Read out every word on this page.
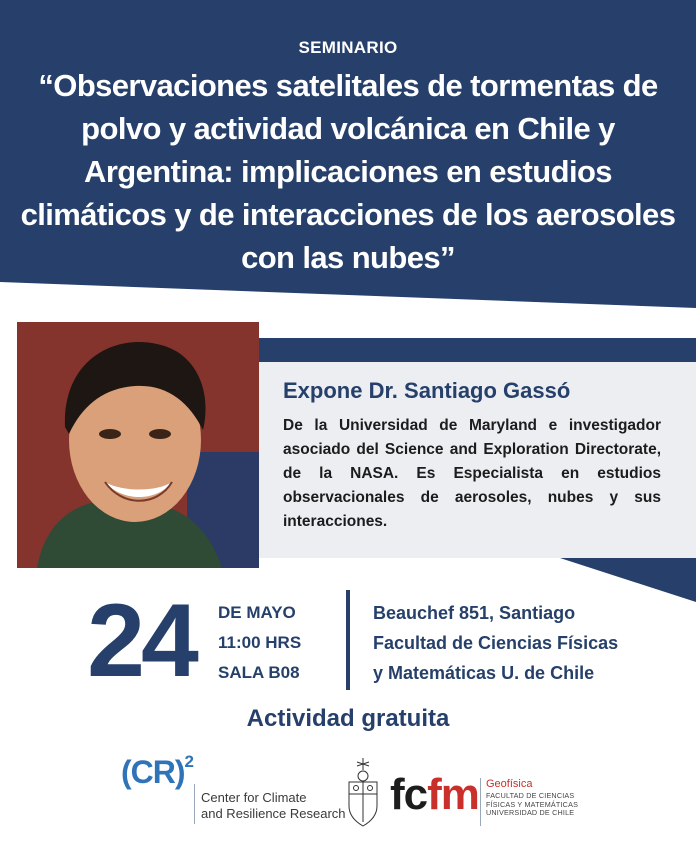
SEMINARIO
“Observaciones satelitales de tormentas de polvo y actividad volcánica en Chile y Argentina: implicaciones en estudios climáticos y de interacciones de los aerosoles con las nubes”
Expone Dr. Santiago Gassó
De la Universidad de Maryland e investigador asociado del Science and Exploration Directorate, de la NASA. Es Especialista en estudios observacionales de aerosoles, nubes y sus interacciones.
24	DE MAYO
11:00 HRS
SALA B08
Beauchef 851, Santiago
Facultad de Ciencias Físicas
y Matemáticas U. de Chile
Actividad gratuita
(CR)$^2$
Center for Climate
and Resilience Research	fcfm Geofísica
FACULTAD DE CIENCIAS
FÍSICAS Y MATEMÁTICAS
UNIVERSIDAD DE CHILE
